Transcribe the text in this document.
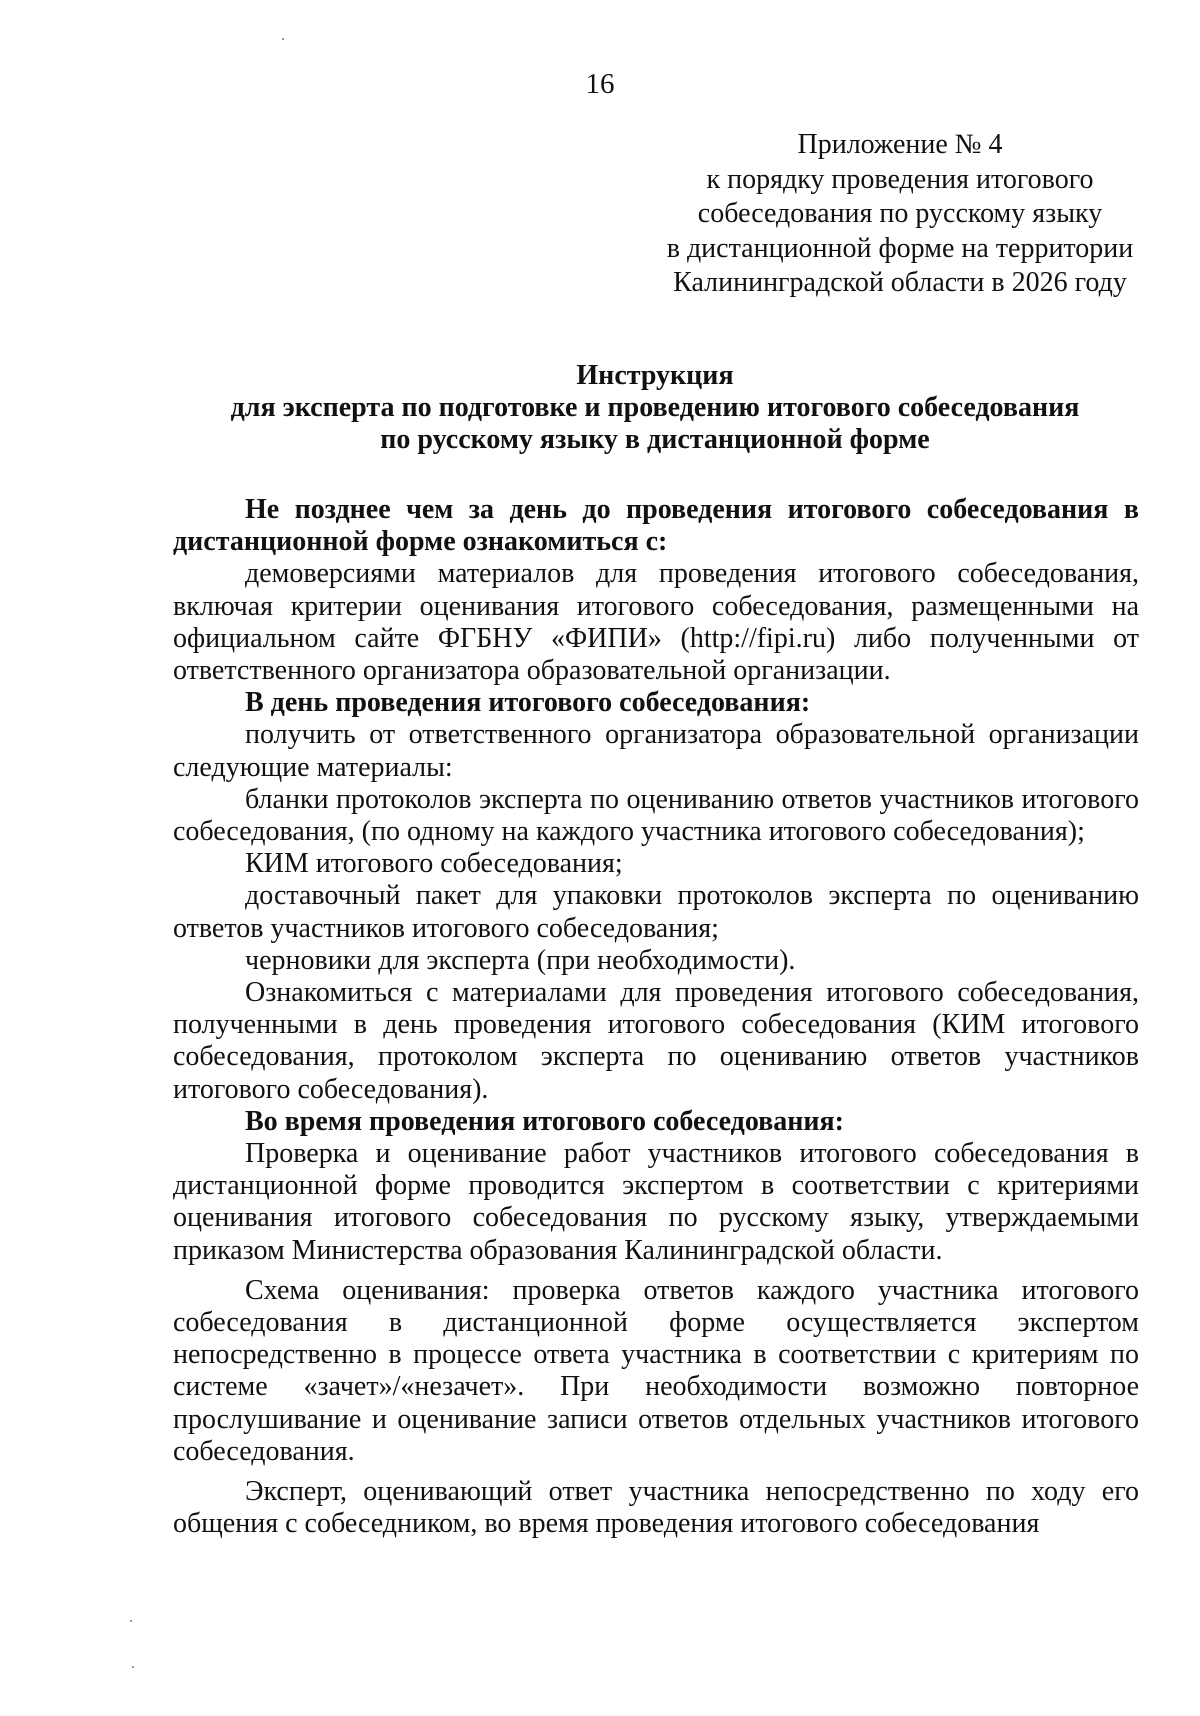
16
Приложение № 4
к порядку проведения итогового
собеседования по русскому языку
в дистанционной форме на территории
Калининградской области в 2026 году
Инструкция
для эксперта по подготовке и проведению итогового собеседования
по русскому языку в дистанционной форме

Не позднее чем за день до проведения итогового собеседования в дистанционной форме ознакомиться с:

демоверсиями материалов для проведения итогового собеседования, включая критерии оценивания итогового собеседования, размещенными на официальном сайте ФГБНУ «ФИПИ» (http://fipi.ru) либо полученными от ответственного организатора образовательной организации.

В день проведения итогового собеседования:

получить от ответственного организатора образовательной организации следующие материалы:

бланки протоколов эксперта по оцениванию ответов участников итогового собеседования, (по одному на каждого участника итогового собеседования);

КИМ итогового собеседования;

доставочный пакет для упаковки протоколов эксперта по оцениванию ответов участников итогового собеседования;

черновики для эксперта (при необходимости).

Ознакомиться с материалами для проведения итогового собеседования, полученными в день проведения итогового собеседования (КИМ итогового собеседования, протоколом эксперта по оцениванию ответов участников итогового собеседования).

Во время проведения итогового собеседования:

Проверка и оценивание работ участников итогового собеседования в дистанционной форме проводится экспертом в соответствии с критериями оценивания итогового собеседования по русскому языку, утверждаемыми приказом Министерства образования Калининградской области.

Схема оценивания: проверка ответов каждого участника итогового собеседования в дистанционной форме осуществляется экспертом непосредственно в процессе ответа участника в соответствии с критериям по системе «зачет»/«незачет». При необходимости возможно повторное прослушивание и оценивание записи ответов отдельных участников итогового собеседования.

Эксперт, оценивающий ответ участника непосредственно по ходу его общения с собеседником, во время проведения итогового собеседования
